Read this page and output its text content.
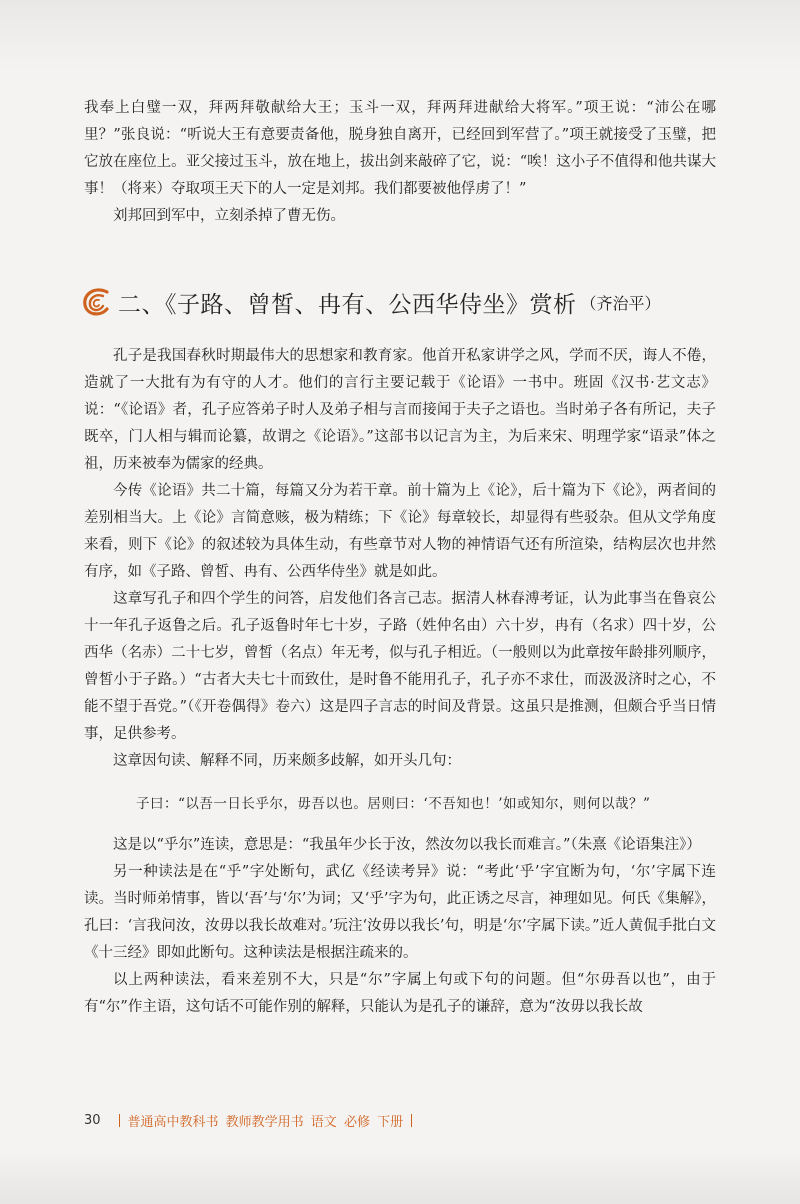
我奉上白璧一双，拜两拜敬献给大王；玉斗一双，拜两拜进献给大将军。”项王说：“沛公在哪里？”张良说：“听说大王有意要责备他，脱身独自离开，已经回到军营了。”项王就接受了玉璧，把它放在座位上。亚父接过玉斗，放在地上，拔出剑来敲碎了它，说：“唉！这小子不值得和他共谋大事！（将来）夺取项王天下的人一定是刘邦。我们都要被他俘虏了！”

刘邦回到军中，立刻杀掉了曹无伤。

二、《子路、曾皙、冉有、公西华侍坐》赏析 （齐治平）

孔子是我国春秋时期最伟大的思想家和教育家。他首开私家讲学之风，学而不厌，诲人不倦，造就了一大批有为有守的人才。他们的言行主要记载于《论语》一书中。班固《汉书·艺文志》说：“《论语》者，孔子应答弟子时人及弟子相与言而接闻于夫子之语也。当时弟子各有所记，夫子既卒，门人相与辑而论纂，故谓之《论语》。”这部书以记言为主，为后来宋、明理学家“语录”体之祖，历来被奉为儒家的经典。

今传《论语》共二十篇，每篇又分为若干章。前十篇为上《论》，后十篇为下《论》，两者间的差别相当大。上《论》言简意赅，极为精练；下《论》每章较长，却显得有些驳杂。但从文学角度来看，则下《论》的叙述较为具体生动，有些章节对人物的神情语气还有所渲染，结构层次也井然有序，如《子路、曾皙、冉有、公西华侍坐》就是如此。

这章写孔子和四个学生的问答，启发他们各言己志。据清人林春溥考证，认为此事当在鲁哀公十一年孔子返鲁之后。孔子返鲁时年七十岁，子路（姓仲名由）六十岁，冉有（名求）四十岁，公西华（名赤）二十七岁，曾皙（名点）年无考，似与孔子相近。（一般则以为此章按年龄排列顺序，曾皙小于子路。）“古者大夫七十而致仕，是时鲁不能用孔子，孔子亦不求仕，而汲汲济时之心，不能不望于吾党。”（《开卷偶得》卷六）这是四子言志的时间及背景。这虽只是推测，但颇合乎当日情事，足供参考。

这章因句读、解释不同，历来颇多歧解，如开头几句：

子曰：“以吾一日长乎尔，毋吾以也。居则曰：‘不吾知也！’如或知尔，则何以哉？”

这是以“乎尔”连读，意思是：“我虽年少长于汝，然汝勿以我长而难言。”（朱熹《论语集注》）

另一种读法是在“乎”字处断句，武亿《经读考异》说：“考此‘乎’字宜断为句，‘尔’字属下连读。当时师弟情事，皆以‘吾’与‘尔’为词；又‘乎’字为句，此正诱之尽言，神理如见。何氏《集解》，孔曰：‘言我问汝，汝毋以我长故难对。’玩注‘汝毋以我长’句，明是‘尔’字属下读。”近人黄侃手批白文《十三经》即如此断句。这种读法是根据注疏来的。

以上两种读法，看来差别不大，只是“尔”字属上句或下句的问题。但“尔毋吾以也”，由于有“尔”作主语，这句话不可能作别的解释，只能认为是孔子的谦辞，意为“汝毋以我长故

30 普通高中教科书 教师教学用书 语文 必修 下册
